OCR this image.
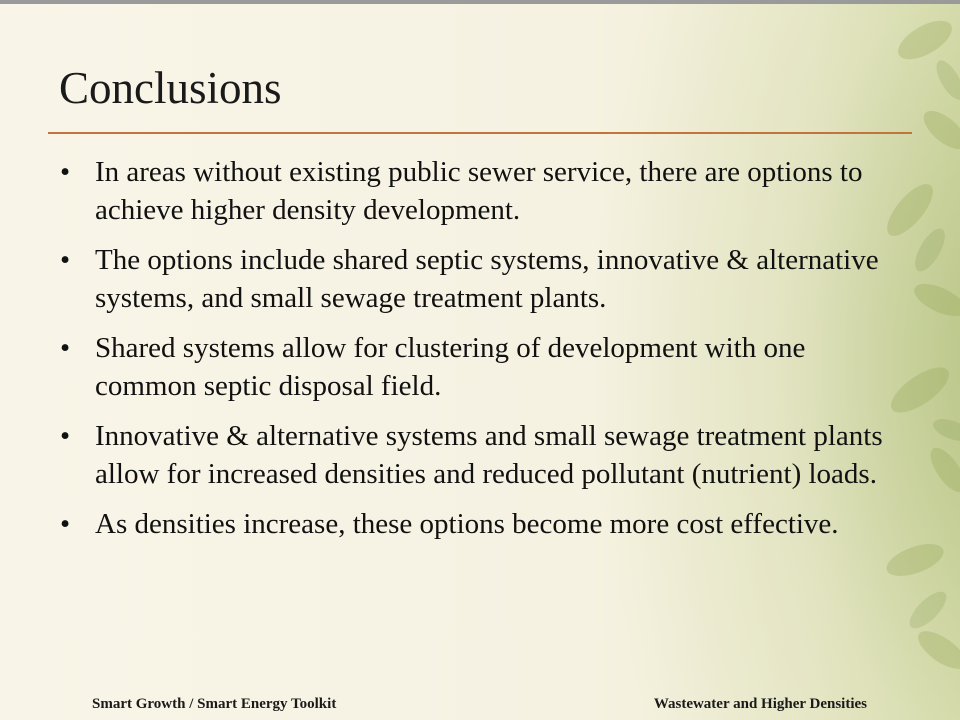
Conclusions
• In areas without existing public sewer service, there are options to achieve higher density development.
• The options include shared septic systems, innovative & alternative systems, and small sewage treatment plants.
• Shared systems allow for clustering of development with one common septic disposal field.
• Innovative & alternative systems and small sewage treatment plants allow for increased densities and reduced pollutant (nutrient) loads.
• As densities increase, these options become more cost effective.
Smart Growth / Smart Energy Toolkit	Wastewater and Higher Densities
